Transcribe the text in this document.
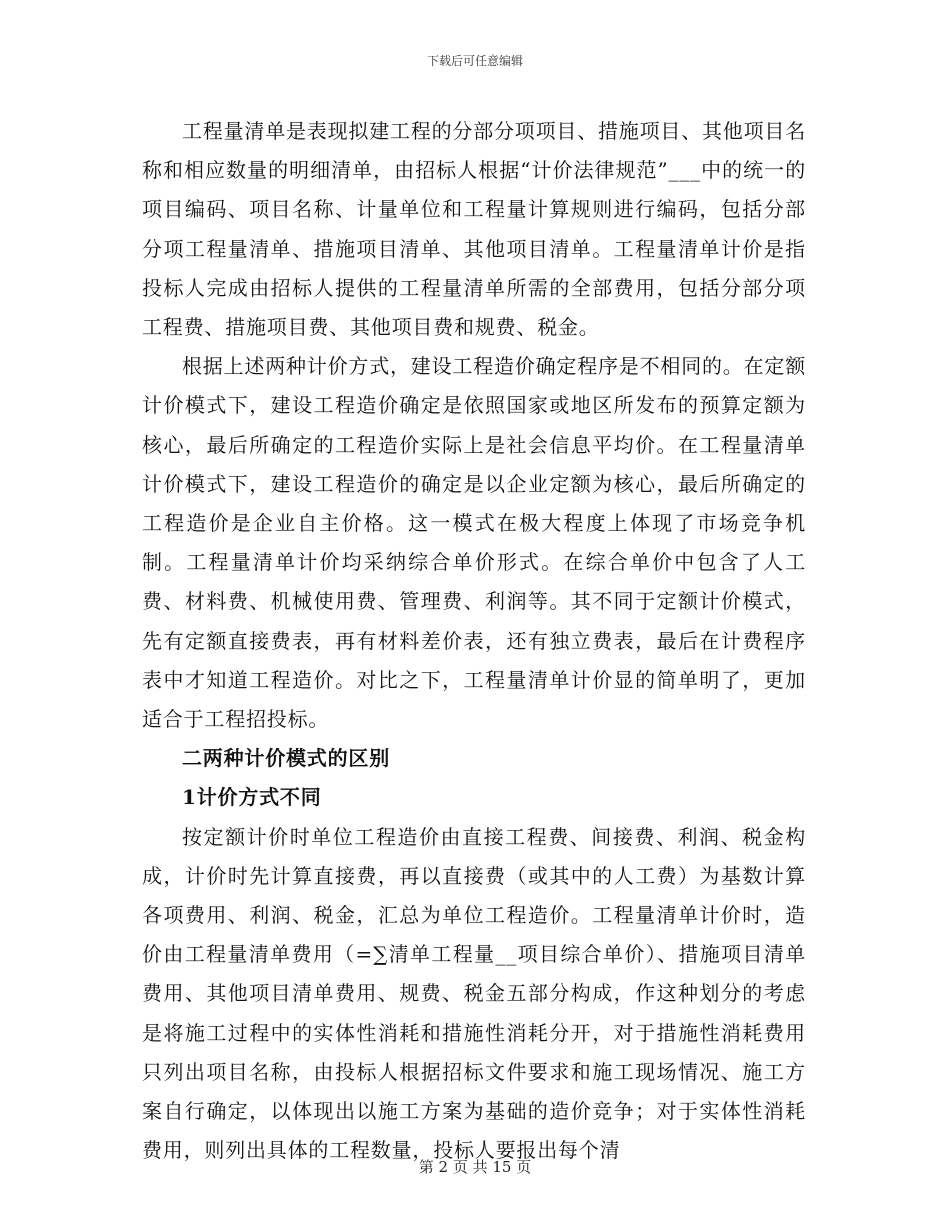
下载后可任意编辑

工程量清单是表现拟建工程的分部分项项目、措施项目、其他项目名称和相应数量的明细清单，由招标人根据“计价法律规范”___中的统一的项目编码、项目名称、计量单位和工程量计算规则进行编码，包括分部分项工程量清单、措施项目清单、其他项目清单。工程量清单计价是指投标人完成由招标人提供的工程量清单所需的全部费用，包括分部分项工程费、措施项目费、其他项目费和规费、税金。

根据上述两种计价方式，建设工程造价确定程序是不相同的。在定额计价模式下，建设工程造价确定是依照国家或地区所发布的预算定额为核心，最后所确定的工程造价实际上是社会信息平均价。在工程量清单计价模式下，建设工程造价的确定是以企业定额为核心，最后所确定的工程造价是企业自主价格。这一模式在极大程度上体现了市场竞争机制。工程量清单计价均采纳综合单价形式。在综合单价中包含了人工费、材料费、机械使用费、管理费、利润等。其不同于定额计价模式，先有定额直接费表，再有材料差价表，还有独立费表，最后在计费程序表中才知道工程造价。对比之下，工程量清单计价显的简单明了，更加适合于工程招投标。

二两种计价模式的区别

1计价方式不同

按定额计价时单位工程造价由直接工程费、间接费、利润、税金构成，计价时先计算直接费，再以直接费（或其中的人工费）为基数计算各项费用、利润、税金，汇总为单位工程造价。工程量清单计价时，造价由工程量清单费用（=∑清单工程量__项目综合单价）、措施项目清单费用、其他项目清单费用、规费、税金五部分构成，作这种划分的考虑是将施工过程中的实体性消耗和措施性消耗分开，对于措施性消耗费用只列出项目名称，由投标人根据招标文件要求和施工现场情况、施工方案自行确定，以体现出以施工方案为基础的造价竞争；对于实体性消耗费用，则列出具体的工程数量，投标人要报出每个清

第 2 页 共 15 页
